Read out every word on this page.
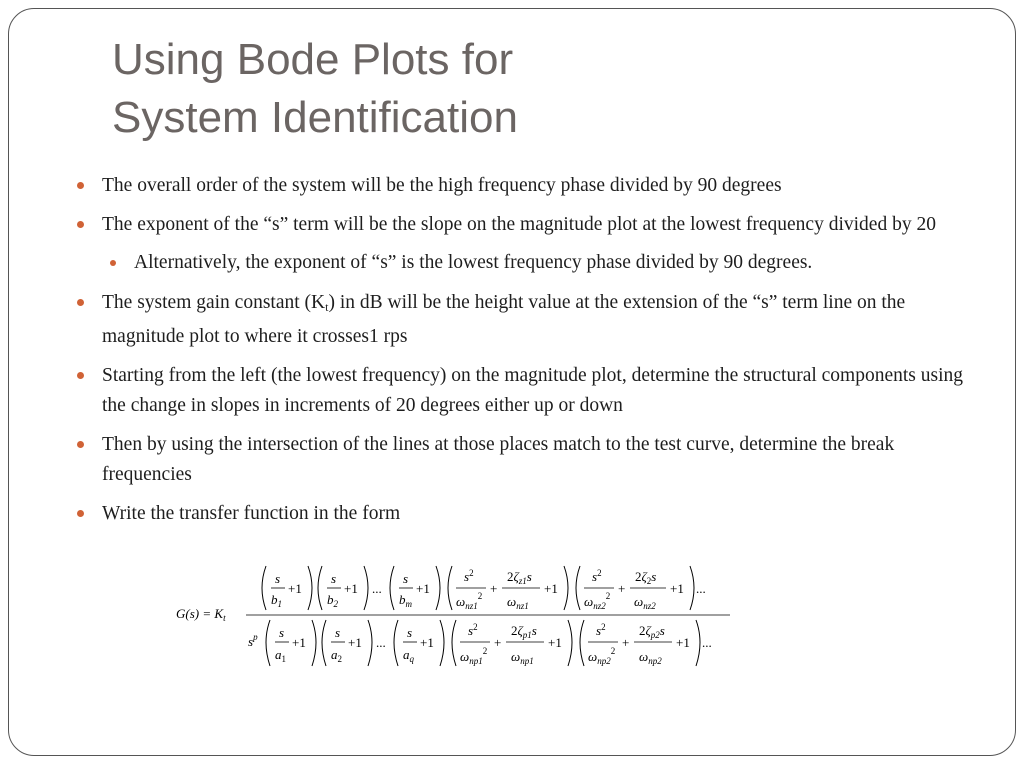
Using Bode Plots for
System Identification
The overall order of the system will be the high frequency phase divided by 90 degrees
The exponent of the “s” term will be the slope on the magnitude plot at the lowest frequency divided by 20
Alternatively, the exponent of “s” is the lowest frequency phase divided by 90 degrees.
The system gain constant $(K_t)$ in dB will be the height value at the extension of the “s” term line on the magnitude plot to where it crosses1 rps
Starting from the left (the lowest frequency) on the magnitude plot, determine the structural components using the change in slopes in increments of 20 degrees either up or down
Then by using the intersection of the lines at those places match to the test curve, determine the break frequencies
Write the transfer function in the form
$G(s) = K_t$
s
$b_1$
+1
s
$b_2$
+1 ...
s
$b_m$
+1
$s^2$
$\omega_{nz1}^2$ +
$2\zeta_{z1}s$
$\omega_{nz1}$
+1
$s^2$
$\omega_{nz2}^2$ +
$2\zeta_2s$
$\omega_{nz2}$
+1 ...
$s^p$ s
$a_1$
+1
s
$a_2$
+1 ...
s
$a_q$
+1
$s^2$
$\omega_{np1}^2$
+
$2\zeta_{p1}s$
$\omega_{np1}$
+1
$s^2$
$\omega_{np2}^2$
+
$2\zeta_{p2}s$
$\omega_{np2}$
+1 ...
